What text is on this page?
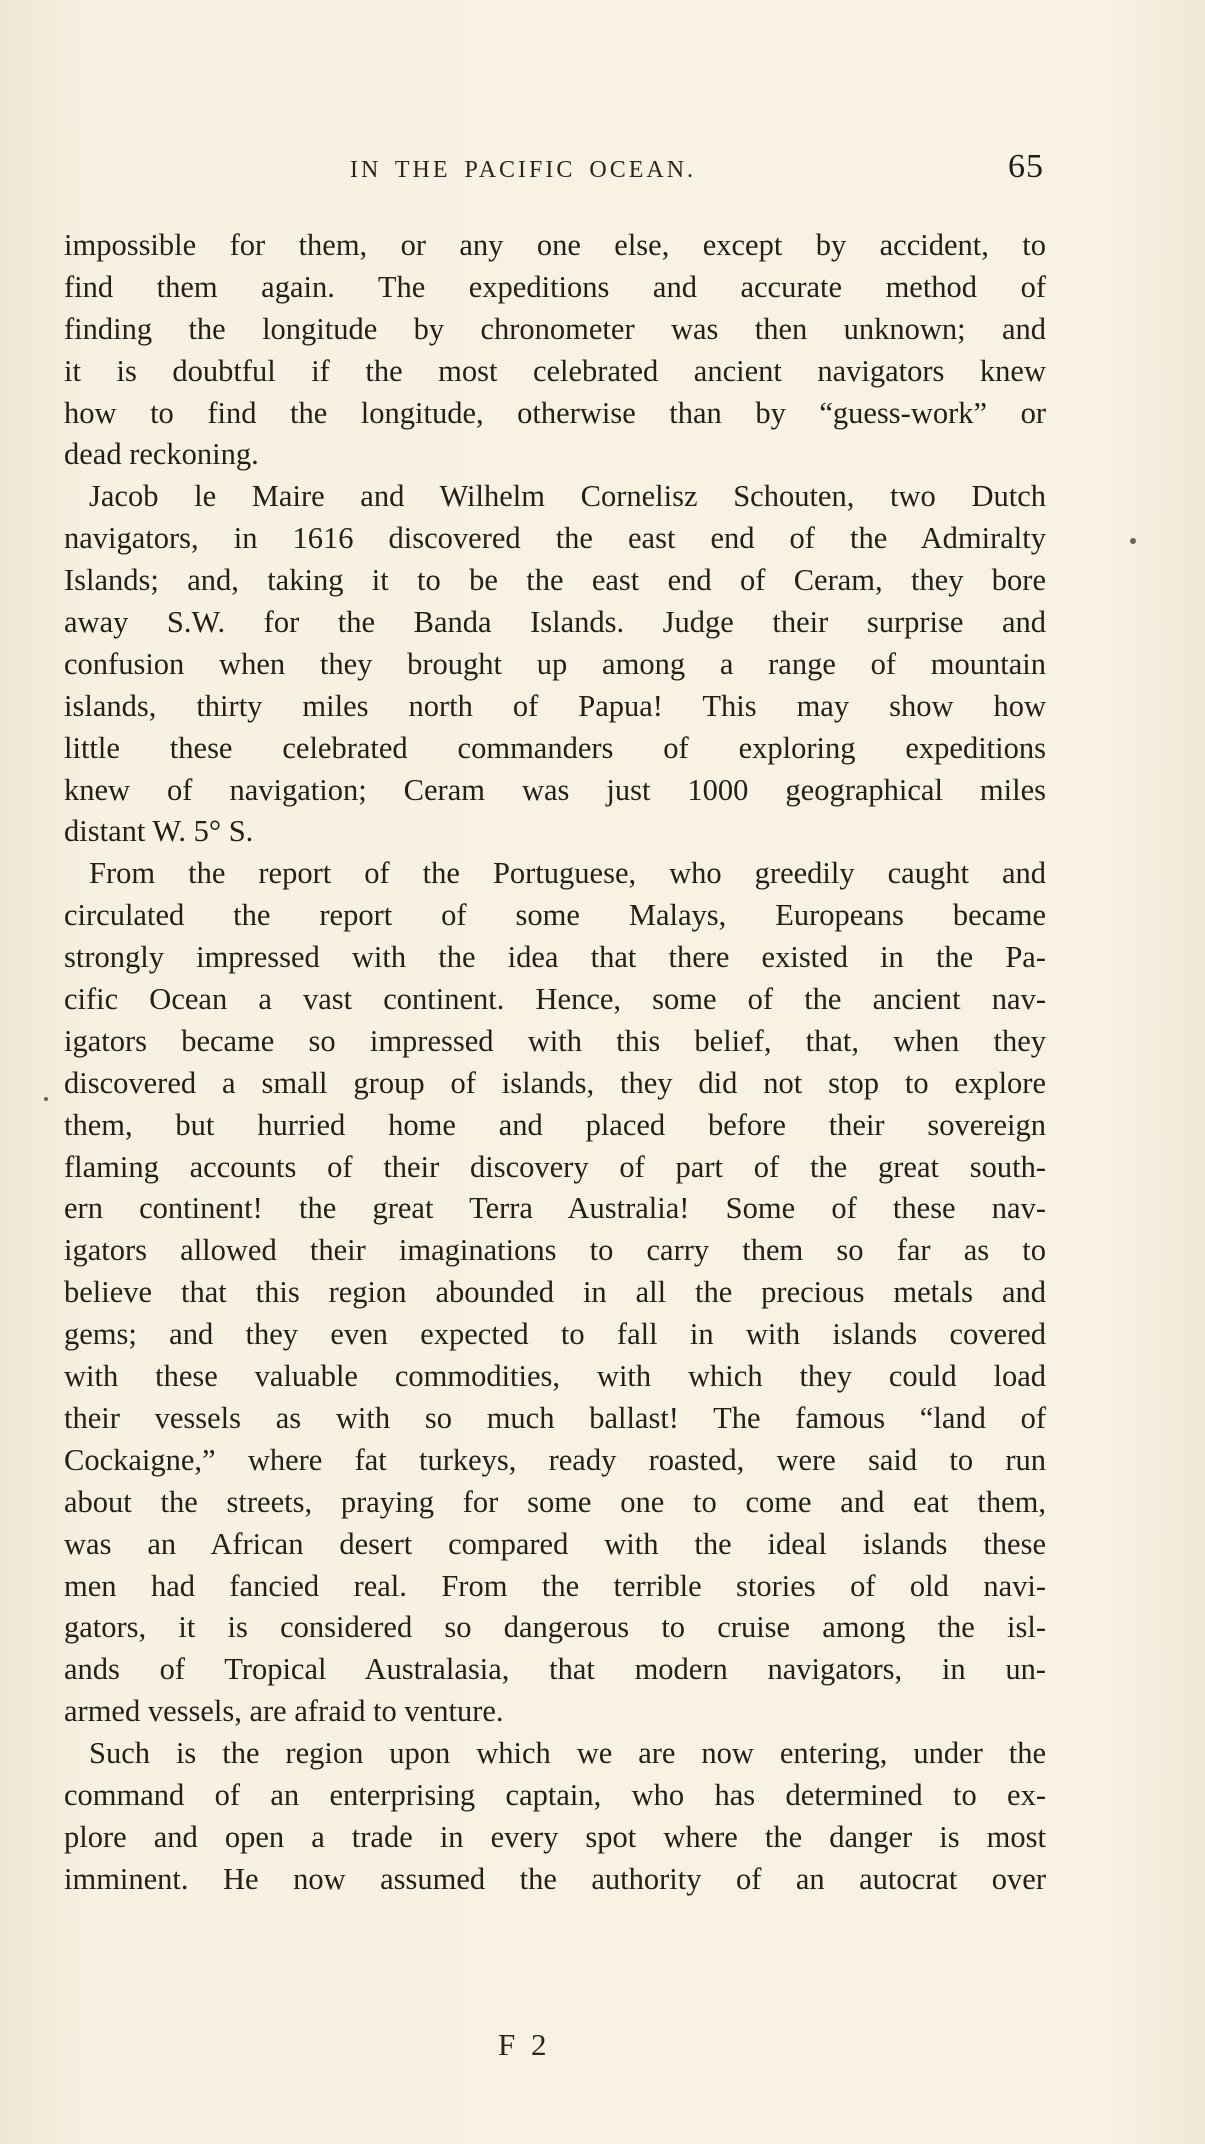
IN THE PACIFIC OCEAN.	65
impossible for them, or any one else, except by accident, to
find them again. The expeditions and accurate method of
finding the longitude by chronometer was then unknown; and
it is doubtful if the most celebrated ancient navigators knew
how to find the longitude, otherwise than by “guess-work” or
dead reckoning.
Jacob le Maire and Wilhelm Cornelisz Schouten, two Dutch
navigators, in 1616 discovered the east end of the Admiralty
Islands; and, taking it to be the east end of Ceram, they bore
away S.W. for the Banda Islands. Judge their surprise and
confusion when they brought up among a range of mountain
islands, thirty miles north of Papua! This may show how
little these celebrated commanders of exploring expeditions
knew of navigation; Ceram was just 1000 geographical miles
distant W. 5° S.
From the report of the Portuguese, who greedily caught and
circulated the report of some Malays, Europeans became
strongly impressed with the idea that there existed in the Pa-
cific Ocean a vast continent. Hence, some of the ancient nav-
igators became so impressed with this belief, that, when they
discovered a small group of islands, they did not stop to explore
them, but hurried home and placed before their sovereign
flaming accounts of their discovery of part of the great south-
ern continent! the great Terra Australia! Some of these nav-
igators allowed their imaginations to carry them so far as to
believe that this region abounded in all the precious metals and
gems; and they even expected to fall in with islands covered
with these valuable commodities, with which they could load
their vessels as with so much ballast! The famous “land of
Cockaigne,” where fat turkeys, ready roasted, were said to run
about the streets, praying for some one to come and eat them,
was an African desert compared with the ideal islands these
men had fancied real. From the terrible stories of old navi-
gators, it is considered so dangerous to cruise among the isl-
ands of Tropical Australasia, that modern navigators, in un-
armed vessels, are afraid to venture.
Such is the region upon which we are now entering, under the
command of an enterprising captain, who has determined to ex-
plore and open a trade in every spot where the danger is most
imminent. He now assumed the authority of an autocrat over
F 2
